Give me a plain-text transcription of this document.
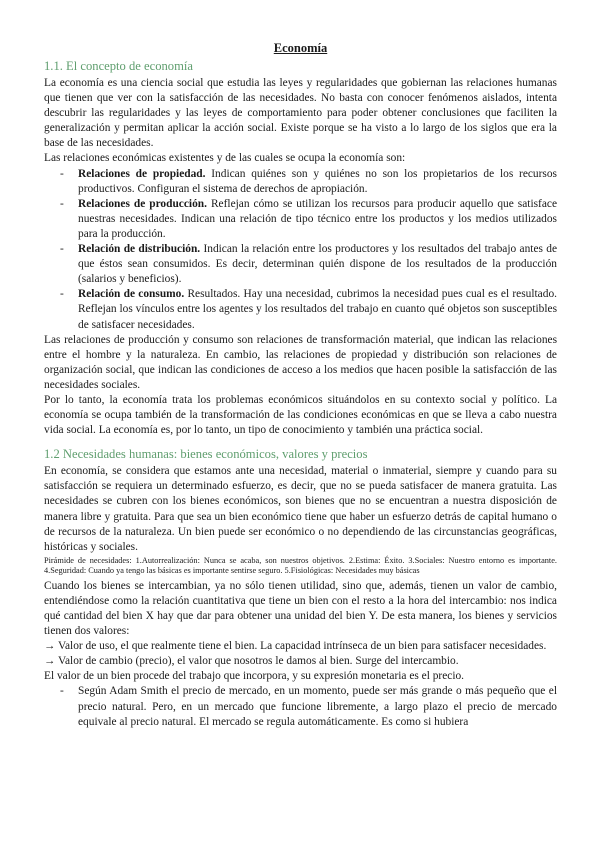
Economía
1.1. El concepto de economía

La economía es una ciencia social que estudia las leyes y regularidades que gobiernan las relaciones humanas que tienen que ver con la satisfacción de las necesidades. No basta con conocer fenómenos aislados, intenta descubrir las regularidades y las leyes de comportamiento para poder obtener conclusiones que faciliten la generalización y permitan aplicar la acción social. Existe porque se ha visto a lo largo de los siglos que era la base de las necesidades.

Las relaciones económicas existentes y de las cuales se ocupa la economía son:

- Relaciones de propiedad. Indican quiénes son y quiénes no son los propietarios de los recursos productivos. Configuran el sistema de derechos de apropiación.
- Relaciones de producción. Reflejan cómo se utilizan los recursos para producir aquello que satisface nuestras necesidades. Indican una relación de tipo técnico entre los productos y los medios utilizados para la producción.
- Relación de distribución. Indican la relación entre los productores y los resultados del trabajo antes de que éstos sean consumidos. Es decir, determinan quién dispone de los resultados de la producción (salarios y beneficios).
- Relación de consumo. Resultados. Hay una necesidad, cubrimos la necesidad pues cual es el resultado. Reflejan los vínculos entre los agentes y los resultados del trabajo en cuanto qué objetos son susceptibles de satisfacer necesidades.

Las relaciones de producción y consumo son relaciones de transformación material, que indican las relaciones entre el hombre y la naturaleza. En cambio, las relaciones de propiedad y distribución son relaciones de organización social, que indican las condiciones de acceso a los medios que hacen posible la satisfacción de las necesidades sociales.

Por lo tanto, la economía trata los problemas económicos situándolos en su contexto social y político. La economía se ocupa también de la transformación de las condiciones económicas en que se lleva a cabo nuestra vida social. La economía es, por lo tanto, un tipo de conocimiento y también una práctica social.

1.2 Necesidades humanas: bienes económicos, valores y precios

En economía, se considera que estamos ante una necesidad, material o inmaterial, siempre y cuando para su satisfacción se requiera un determinado esfuerzo, es decir, que no se pueda satisfacer de manera gratuita. Las necesidades se cubren con los bienes económicos, son bienes que no se encuentran a nuestra disposición de manera libre y gratuita. Para que sea un bien económico tiene que haber un esfuerzo detrás de capital humano o de recursos de la naturaleza. Un bien puede ser económico o no dependiendo de las circunstancias geográficas, históricas y sociales.

Pirámide de necesidades: 1.Autorrealización: Nunca se acaba, son nuestros objetivos. 2.Estima: Éxito. 3.Sociales: Nuestro entorno es importante. 4.Seguridad: Cuando ya tengo las básicas es importante sentirse seguro. 5.Fisiológicas: Necesidades muy básicas

Cuando los bienes se intercambian, ya no sólo tienen utilidad, sino que, además, tienen un valor de cambio, entendiéndose como la relación cuantitativa que tiene un bien con el resto a la hora del intercambio: nos indica qué cantidad del bien X hay que dar para obtener una unidad del bien Y. De esta manera, los bienes y servicios tienen dos valores:

→ Valor de uso, el que realmente tiene el bien. La capacidad intrínseca de un bien para satisfacer necesidades.

→ Valor de cambio (precio), el valor que nosotros le damos al bien. Surge del intercambio.

El valor de un bien procede del trabajo que incorpora, y su expresión monetaria es el precio.

- Según Adam Smith el precio de mercado, en un momento, puede ser más grande o más pequeño que el precio natural. Pero, en un mercado que funcione libremente, a largo plazo el precio de mercado equivale al precio natural. El mercado se regula automáticamente. Es como si hubiera
